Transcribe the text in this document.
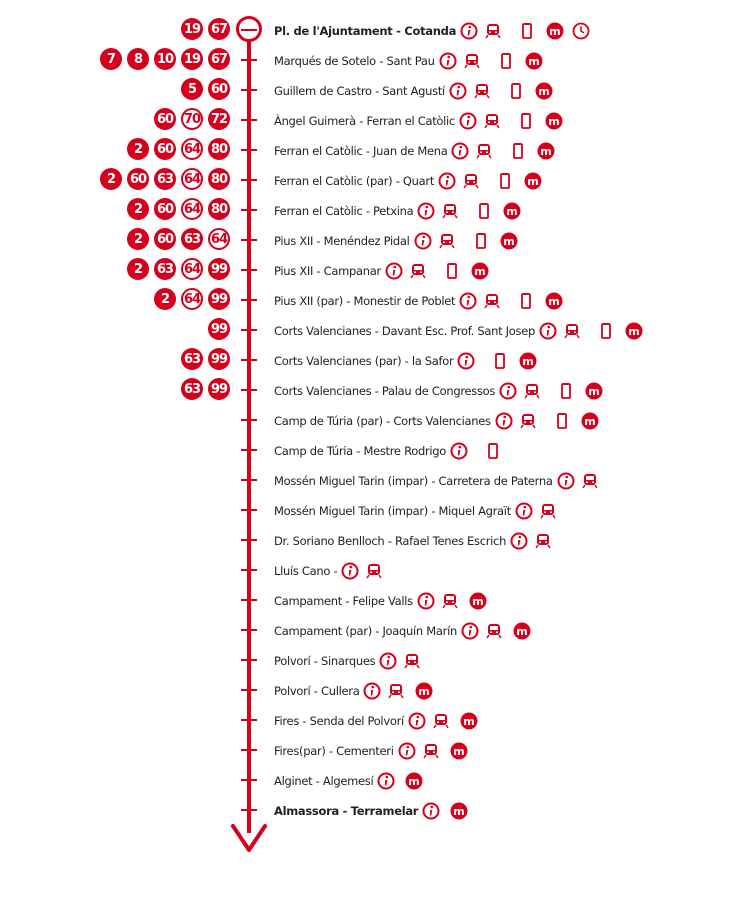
19 67	Pl. de l'Ajuntament - Cotanda	m
7	8	10 19 67	Marqués de Sotelo - Sant Pau	m
5	60	Guillem de Castro - Sant Agustí	m
60 70 72	Àngel Guimerà - Ferran el Catòlic	m
2	60 64 80	Ferran el Catòlic - Juan de Mena	m
2	60 63 64 80	Ferran el Catòlic (par) - Quart	m
2	60 64 80	Ferran el Catòlic - Petxina	m
2	60 63 64	Pius XII - Menéndez Pidal	m
2	63 64 99	Pius XII - Campanar	m
2	64 99	Pius XII (par) - Monestir de Poblet	m
99	Corts Valencianes - Davant Esc. Prof. Sant Josep	m
63 99	Corts Valencianes (par) - la Safor	m
63 99	Corts Valencianes - Palau de Congressos	m
Camp de Túria (par) - Corts Valencianes	m
Camp de Túria - Mestre Rodrigo
Mossén Miguel Tarin (impar) - Carretera de Paterna
Mossén Miguel Tarin (impar) - Miquel Agraït
Dr. Soriano Benlloch - Rafael Tenes Escrich
Lluís Cano -
Campament - Felipe Valls	m
Campament (par) - Joaquín Marín	m
Polvorí - Sinarques
Polvorí - Cullera	m
Fires - Senda del Polvorí	m
Fires(par) - Cementeri	m
Alginet - Algemesí	m
Almassora - Terramelar	m
